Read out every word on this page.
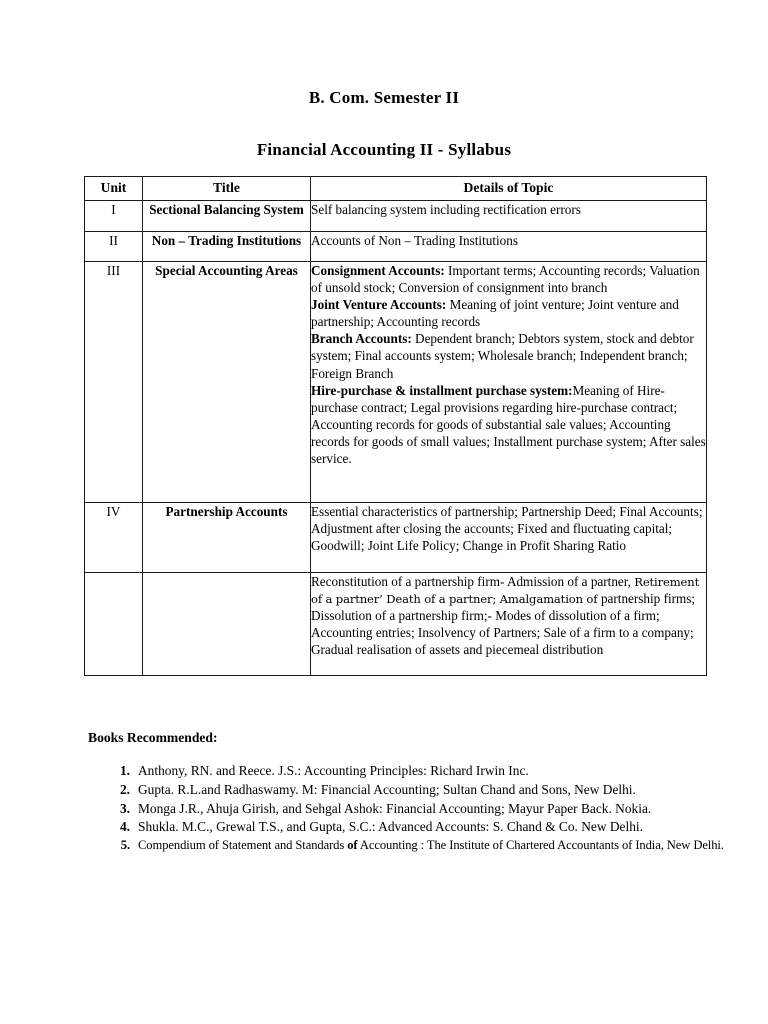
B. Com. Semester II
Financial Accounting II - Syllabus
Unit	Title	Details of Topic
I	Sectional Balancing System	Self balancing system including rectification errors
II	Non – Trading Institutions	Accounts of Non – Trading Institutions
III	Special Accounting Areas	Consignment Accounts: Important terms; Accounting records; Valuation of unsold stock; Conversion of consignment into branch
Joint Venture Accounts: Meaning of joint venture; Joint venture and partnership; Accounting records
Branch Accounts: Dependent branch; Debtors system, stock and debtor system; Final accounts system; Wholesale branch; Independent branch; Foreign Branch
Hire-purchase & installment purchase system:Meaning of Hire-purchase contract; Legal provisions regarding hire-purchase contract; Accounting records for goods of substantial sale values; Accounting records for goods of small values; Installment purchase system; After sales service.
IV	Partnership Accounts	Essential characteristics of partnership; Partnership Deed; Final Accounts; Adjustment after closing the accounts; Fixed and fluctuating capital; Goodwill; Joint Life Policy; Change in Profit Sharing Ratio
		Reconstitution of a partnership firm- Admission of a partner, Retirement of a partner’ Death of a partner; Amalgamation of partnership firms; Dissolution of a partnership firm;- Modes of dissolution of a firm; Accounting entries; Insolvency of Partners; Sale of a firm to a company; Gradual realisation of assets and piecemeal distribution
Books Recommended:
1. Anthony, RN. and Reece. J.S.: Accounting Principles: Richard Irwin Inc.
2. Gupta. R.L.and Radhaswamy. M: Financial Accounting; Sultan Chand and Sons, New Delhi.
3. Monga J.R., Ahuja Girish, and Sehgal Ashok: Financial Accounting; Mayur Paper Back. Nokia.
4. Shukla. M.C., Grewal T.S., and Gupta, S.C.: Advanced Accounts: S. Chand & Co. New Delhi.
5. Compendium of Statement and Standards of Accounting : The Institute of Chartered Accountants of India, New Delhi.
